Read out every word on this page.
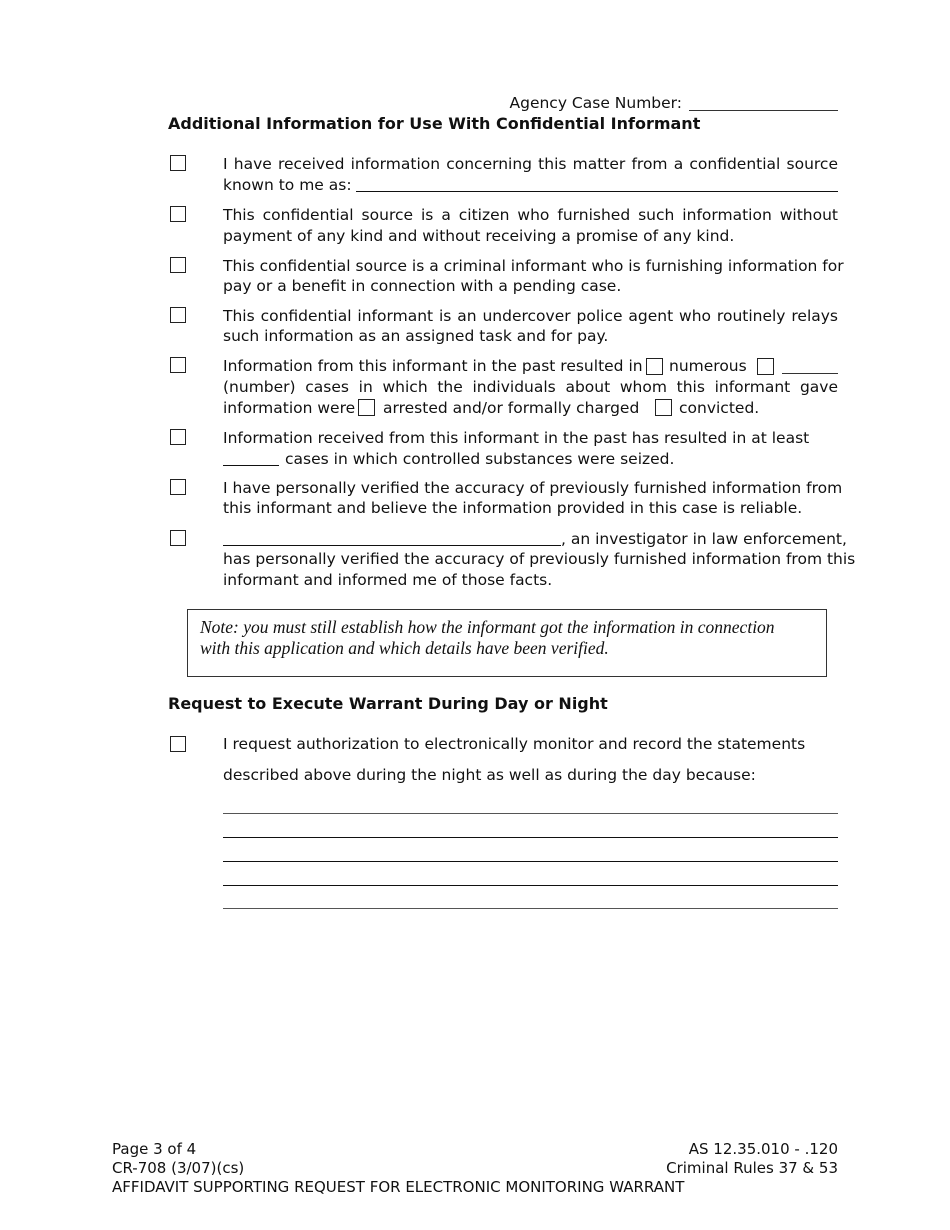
Agency Case Number:
Additional Information for Use With Confidential Informant
I have received information concerning this matter from a confidential source
known to me as:
This confidential source is a citizen who furnished such information without
payment of any kind and without receiving a promise of any kind.
This confidential source is a criminal informant who is furnishing information for
pay or a benefit in connection with a pending case.
This confidential informant is an undercover police agent who routinely relays
such information as an assigned task and for pay.
Information from this informant in the past resulted in numerous
(number) cases in which the individuals about whom this informant gave
information were arrested and/or formally charged	convicted.
Information received from this informant in the past has resulted in at least
cases in which controlled substances were seized.
I have personally verified the accuracy of previously furnished information from
this informant and believe the information provided in this case is reliable.
, an investigator in law enforcement,
has personally verified the accuracy of previously furnished information from this
informant and informed me of those facts.
Note: you must still establish how the informant got the information in connection
with this application and which details have been verified.
Request to Execute Warrant During Day or Night
I request authorization to electronically monitor and record the statements
described above during the night as well as during the day because:
Page 3 of 4
CR-708 (3/07)(cs)
AFFIDAVIT SUPPORTING REQUEST FOR ELECTRONIC MONITORING WARRANT
AS 12.35.010 - .120
Criminal Rules 37 & 53
